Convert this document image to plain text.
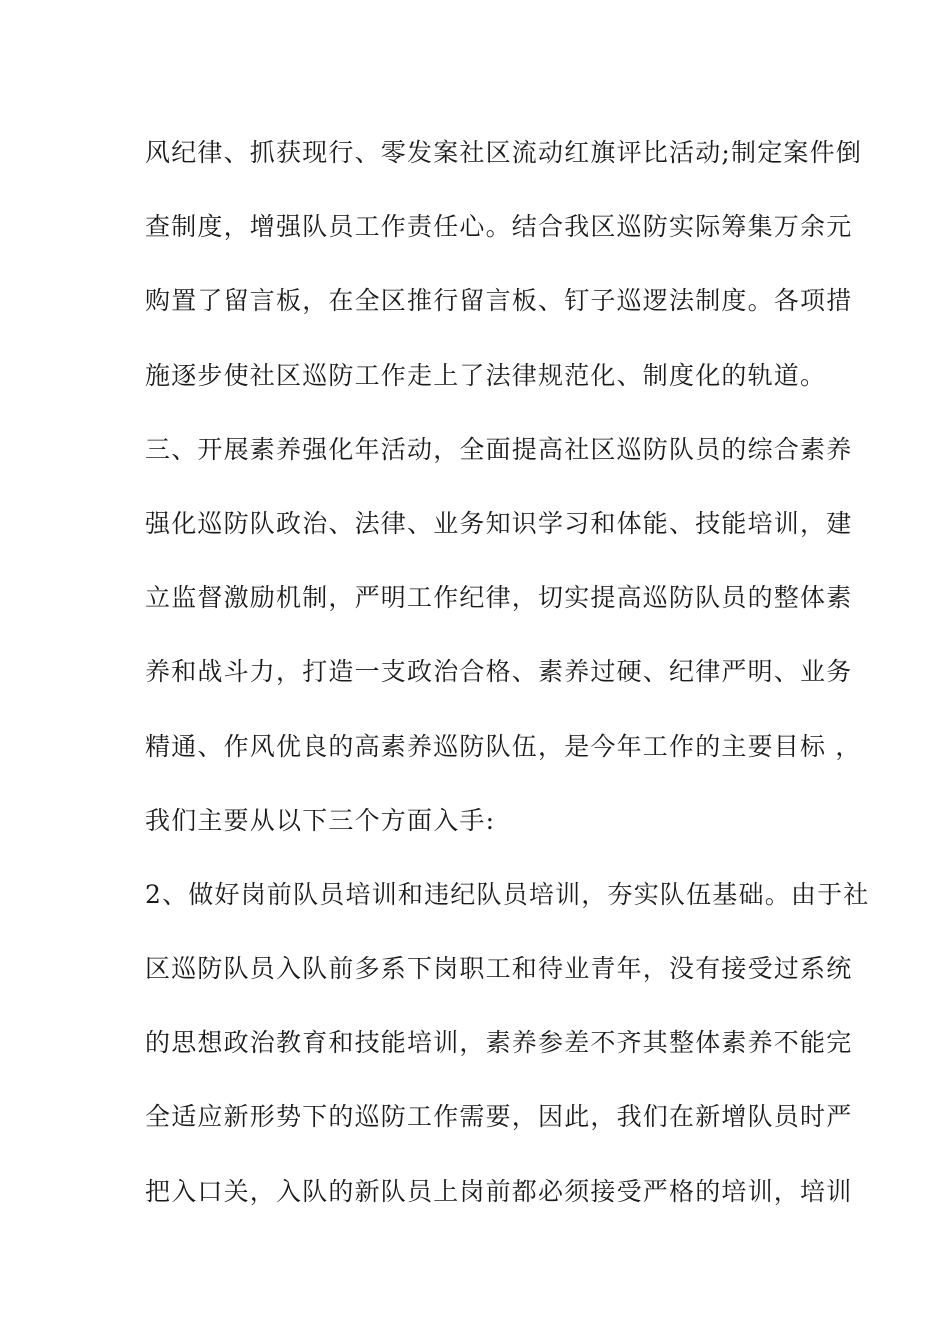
风纪律、抓获现行、零发案社区流动红旗评比活动;制定案件倒
查制度，增强队员工作责任心。结合我区巡防实际筹集万余元
购置了留言板，在全区推行留言板、钉子巡逻法制度。各项措
施逐步使社区巡防工作走上了法律规范化、制度化的轨道。
三、开展素养强化年活动，全面提高社区巡防队员的综合素养
强化巡防队政治、法律、业务知识学习和体能、技能培训，建
立监督激励机制，严明工作纪律，切实提高巡防队员的整体素
养和战斗力，打造一支政治合格、素养过硬、纪律严明、业务
精通、作风优良的高素养巡防队伍，是今年工作的主要目标 ，
我们主要从以下三个方面入手:
2、做好岗前队员培训和违纪队员培训，夯实队伍基础。由于社
区巡防队员入队前多系下岗职工和待业青年，没有接受过系统
的思想政治教育和技能培训，素养参差不齐其整体素养不能完
全适应新形势下的巡防工作需要，因此，我们在新增队员时严
把入口关，入队的新队员上岗前都必须接受严格的培训，培训
